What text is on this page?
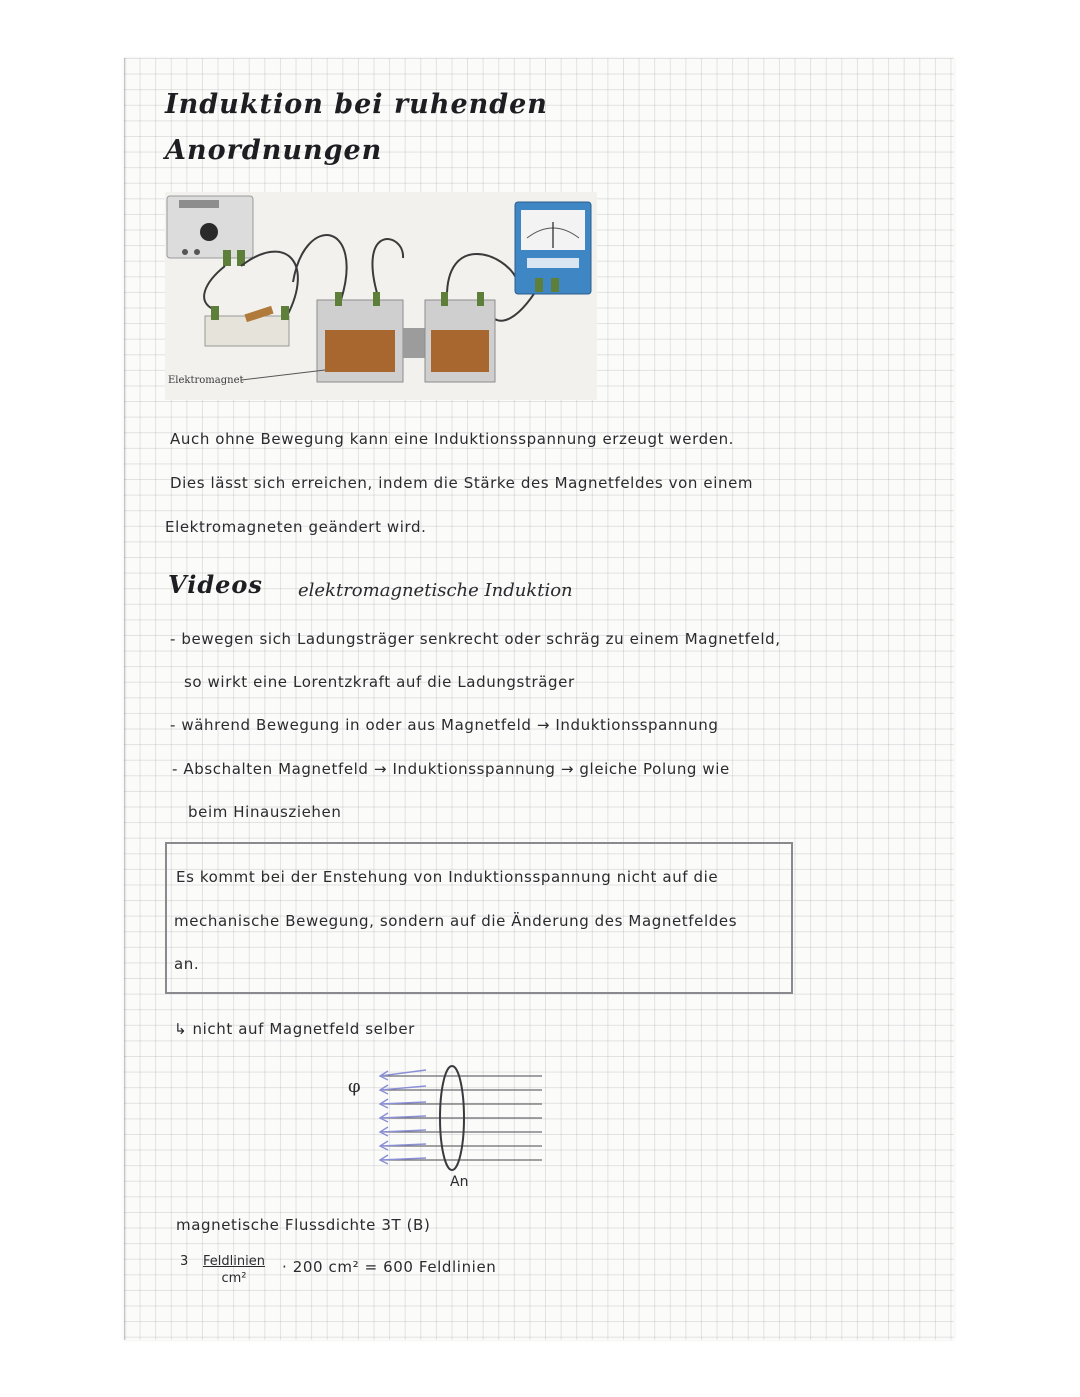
Induktion bei ruhenden
Anordnungen
Elektromagnet
Auch ohne Bewegung kann eine Induktionsspannung erzeugt werden.
Dies lässt sich erreichen, indem die Stärke des Magnetfeldes von einem
Elektromagneten geändert wird.
Videos elektromagnetische Induktion
- bewegen sich Ladungsträger senkrecht oder schräg zu einem Magnetfeld,
so wirkt eine Lorentzkraft auf die Ladungsträger
- während Bewegung in oder aus Magnetfeld → Induktionsspannung
- Abschalten Magnetfeld → Induktionsspannung → gleiche Polung wie
beim Hinausziehen
Es kommt bei der Enstehung von Induktionsspannung nicht auf die
mechanische Bewegung, sondern auf die Änderung des Magnetfeldes
an.
↳ nicht auf Magnetfeld selber
φ
An
magnetische Flussdichte 3T (B)
3 Feldlinien
cm²
· 200 cm² = 600 Feldlinien
